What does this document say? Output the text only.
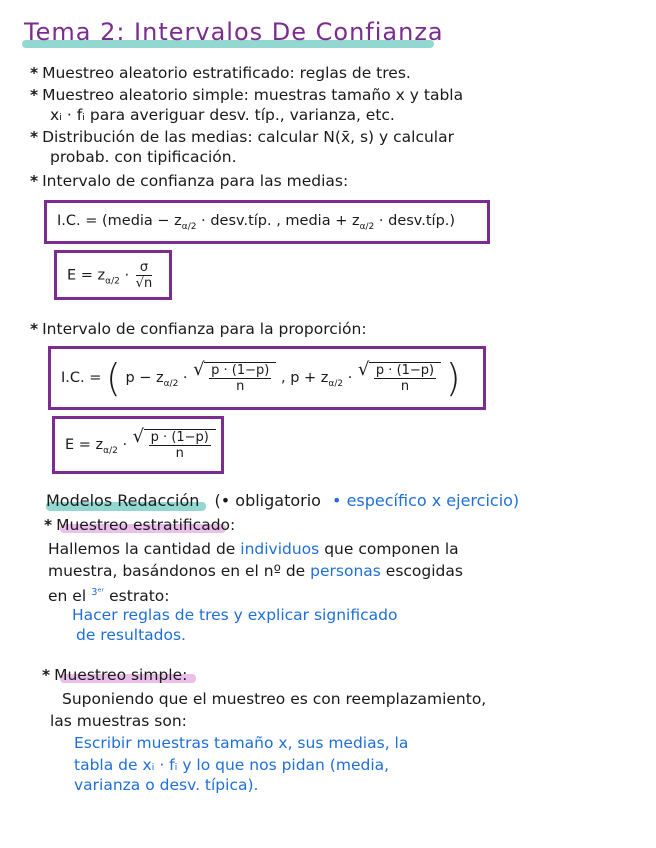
Tema 2: Intervalos De Confianza
* Muestreo aleatorio estratificado: reglas de tres.
* Muestreo aleatorio simple: muestras tamaño x y tabla
xᵢ · fᵢ para averiguar desv. típ., varianza, etc.
* Distribución de las medias: calcular N(x̄, s) y calcular
probab. con tipificación.
* Intervalo de confianza para las medias:
I.C. = (media − $z_{\alpha/2}$ · desv.típ. , media + $z_{\alpha/2}$ · desv.típ.)
$E = z_{\alpha/2} \cdot \frac{\sigma}{√n}$
* Intervalo de confianza para la proporción:
I.C. = ( $p - z_{\alpha/2}$ · √ $\frac{p \cdot (1-p)}{n}$ , $p + z_{\alpha/2}$ · √ $\frac{p \cdot (1-p)}{n}$ )
$E = z_{\alpha/2}$ · √ $\frac{p \cdot (1-p)}{n}$
Modelos Redacción (• obligatorio • específico x ejercicio)
* Muestreo estratificado:
Hallemos la cantidad de individuos que componen la
muestra, basándonos en el nº de personas escogidas
en el $^{3ᵉʳ}$ estrato:
Hacer reglas de tres y explicar significado
de resultados.
* Muestreo simple:
Suponiendo que el muestreo es con reemplazamiento,
las muestras son:
Escribir muestras tamaño x, sus medias, la
tabla de xᵢ · fᵢ y lo que nos pidan (media,
varianza o desv. típica).
